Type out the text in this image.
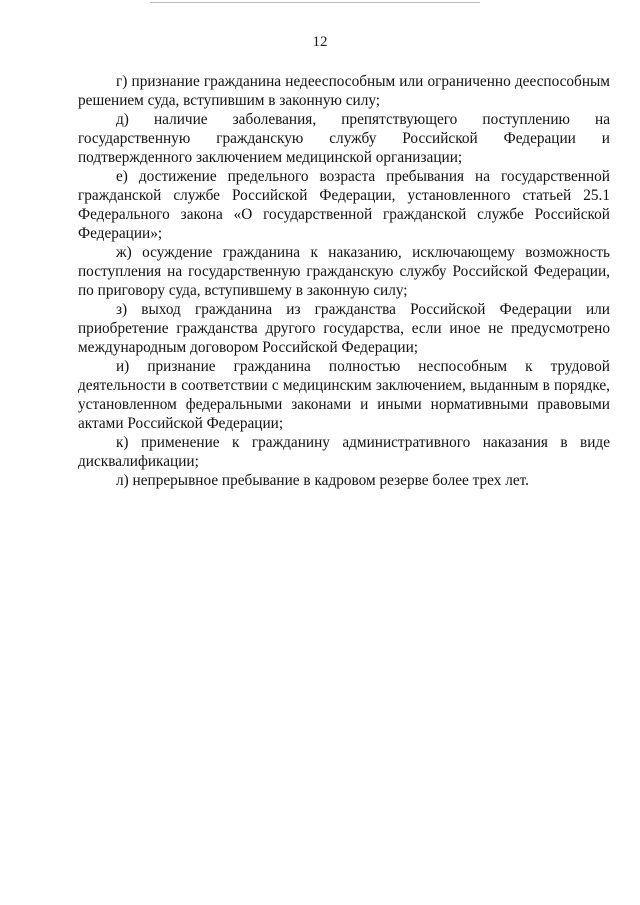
12

г) признание гражданина недееспособным или ограниченно дееспособным решением суда, вступившим в законную силу;

д) наличие заболевания, препятствующего поступлению на государственную гражданскую службу Российской Федерации и подтвержденного заключением медицинской организации;

е) достижение предельного возраста пребывания на государственной гражданской службе Российской Федерации, установленного статьей 25.1 Федерального закона «О государственной гражданской службе Российской Федерации»;

ж) осуждение гражданина к наказанию, исключающему возможность поступления на государственную гражданскую службу Российской Федерации, по приговору суда, вступившему в законную силу;

з) выход гражданина из гражданства Российской Федерации или приобретение гражданства другого государства, если иное не предусмотрено международным договором Российской Федерации;

и) признание гражданина полностью неспособным к трудовой деятельности в соответствии с медицинским заключением, выданным в порядке, установленном федеральными законами и иными нормативными правовыми актами Российской Федерации;

к) применение к гражданину административного наказания в виде дисквалификации;

л) непрерывное пребывание в кадровом резерве более трех лет.
